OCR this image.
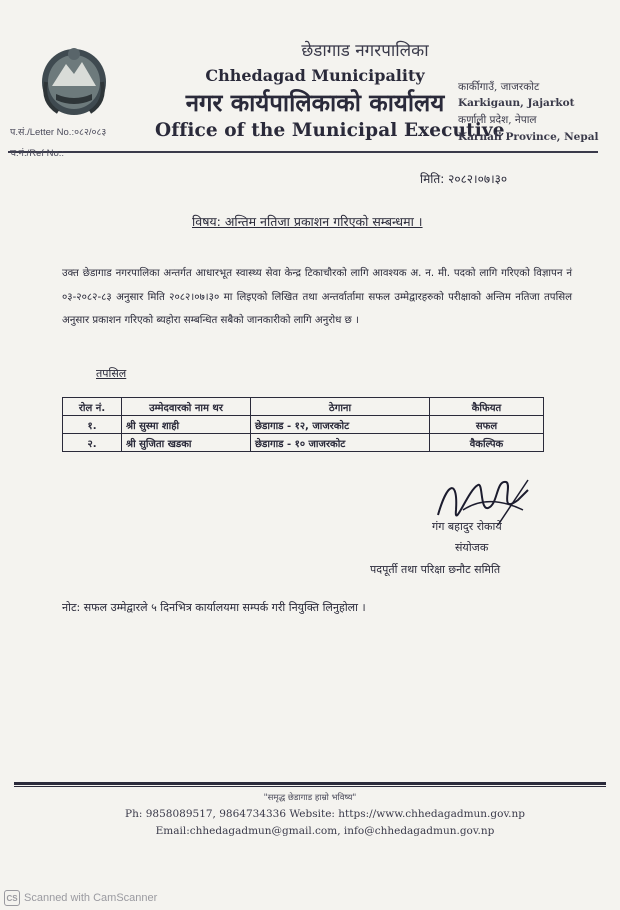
छेडागाड नगरपालिका
Chhedagad Municipality
नगर कार्यपालिकाको कार्यालय
Office of the Municipal Executive
कार्कीगाउँ, जाजरकोट
Karkigaun, Jajarkot
कर्णाली प्रदेश, नेपाल
Karnali Province, Nepal
प.सं./Letter No.:०८२/०८३
च.नं./Ref No.:
मिति: २०८२।०७।३०
विषय: अन्तिम नतिजा प्रकाशन गरिएको सम्बन्धमा ।
उक्त छेडागाड नगरपालिका अन्तर्गत आधारभूत स्वास्थ्य सेवा केन्द्र टिकाचौरको लागि आवश्यक अ. न. मी. पदको लागि गरिएको विज्ञापन नं ०३-२०८२-८३ अनुसार मिति २०८२।०७।३० मा लिइएको लिखित तथा अन्तर्वार्तामा सफल उम्मेद्वारहरुको परीक्षाको अन्तिम नतिजा तपसिल अनुसार प्रकाशन गरिएको ब्यहोरा सम्बन्धित सबैको जानकारीको लागि अनुरोध छ ।
तपसिल
रोल नं.	उम्मेदवारको नाम थर	ठेगाना	कैफियत
१.	श्री सुस्मा शाही	छेडागाड - १२, जाजरकोट	सफल
२.	श्री सुजिता खडका	छेडागाड - १० जाजरकोट	वैकल्पिक
गंग बहादुर रोकाये
संयोजक
पदपूर्ती तथा परिक्षा छनौट समिति
नोट: सफल उम्मेद्वारले ५ दिनभित्र कार्यालयमा सम्पर्क गरी नियुक्ति लिनुहोला ।
"समृद्ध छेडागाड हाम्रो भविष्य"
Ph: 9858089517, 9864734336 Website: https://www.chhedagadmun.gov.np
Email:chhedagadmun@gmail.com, info@chhedagadmun.gov.np
CS Scanned with CamScanner
